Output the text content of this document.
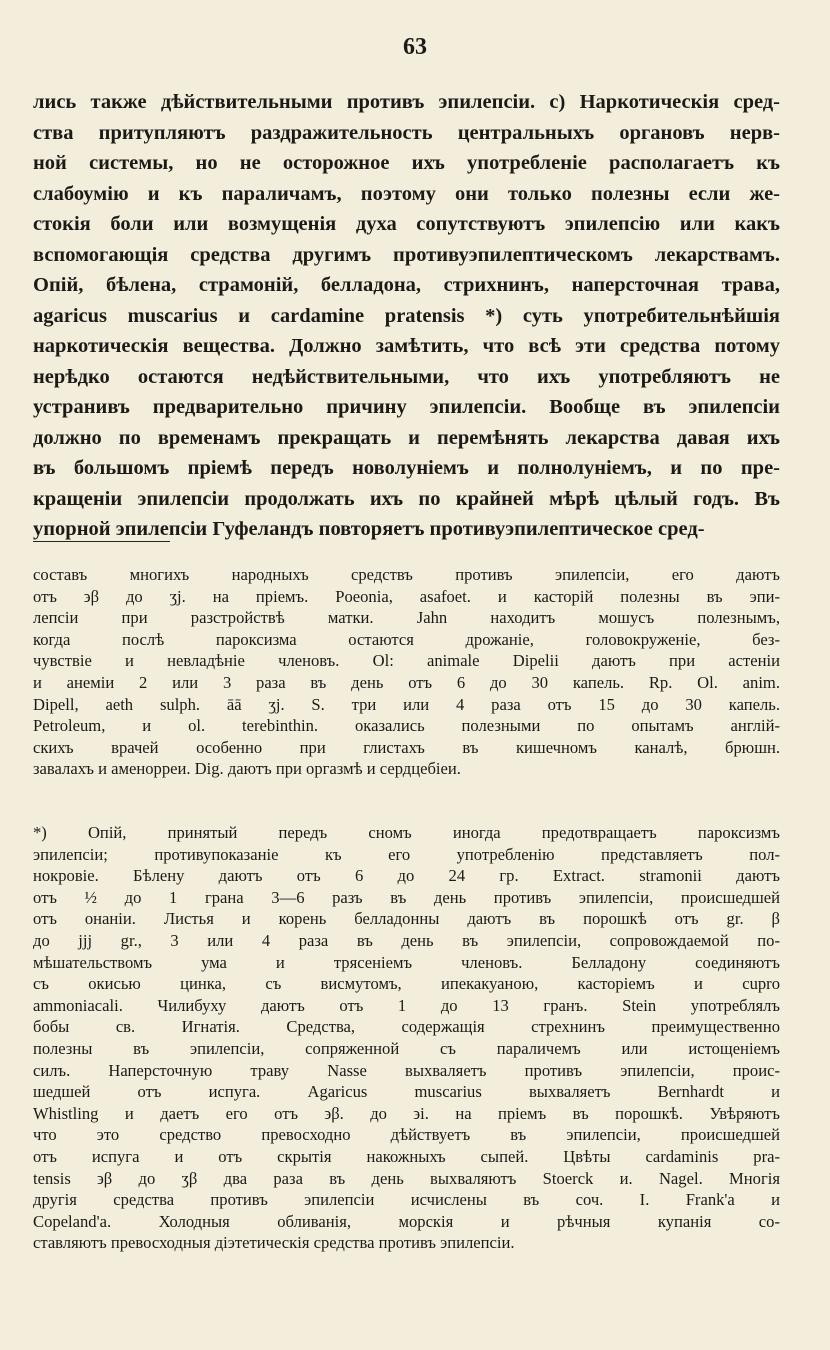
63
лись также дѣйствительными противъ эпилепсіи. c) Наркотическія сред-
ства притупляютъ раздражительность центральныхъ органовъ нерв-
ной системы, но не осторожное ихъ употребленіе располагаетъ къ
слабоумію и къ параличамъ, поэтому они только полезны если же-
стокія боли или возмущенія духа сопутствуютъ эпилепсію или какъ
вспомогающія средства другимъ противуэпилептическомъ лекарствамъ.
Опій, бѣлена, страмоній, белладона, стрихнинъ, наперсточная трава,
agaricus muscarius и cardamine pratensis *) суть употребительнѣйшія
наркотическія вещества. Должно замѣтить, что всѣ эти средства потому
нерѣдко остаются недѣйствительными, что ихъ употребляютъ не
устранивъ предварительно причину эпилепсіи. Вообще въ эпилепсіи
должно по временамъ прекращать и перемѣнять лекарства давая ихъ
въ большомъ пріемѣ передъ новолуніемъ и полнолуніемъ, и по пре-
кращеніи эпилепсіи продолжать ихъ по крайней мѣрѣ цѣлый годъ. Въ
упорной эпилепсіи Гуфеландъ повторяетъ противуэпилептическое сред-
составъ многихъ народныхъ средствъ противъ эпилепсіи, его даютъ
отъ ϶β до ʒj. на пріемъ. Poeonia, asafoet. и касторій полезны въ эпи-
лепсіи при разстройствѣ матки. Jahn находитъ мошусъ полезнымъ,
когда послѣ пароксизма остаются дрожаніе, головокруженіе, без-
чувствіе и невладѣніе членовъ. Ol: animale Dipelii даютъ при астеніи
и анеміи 2 или 3 раза въ день отъ 6 до 30 капель. Rp. Ol. anim.
Dipell, aeth sulph. āā ʒj. S. три или 4 раза отъ 15 до 30 капель.
Petroleum, и ol. terebinthin. оказались полезными по опытамъ англій-
скихъ врачей особенно при глистахъ въ кишечномъ каналѣ, брюшн.
завалахъ и аменорреи. Dig. даютъ при оргазмѣ и сердцебіеи.
*) Опій, принятый передъ сномъ иногда предотвращаетъ пароксизмъ
эпилепсіи; противупоказаніе къ его употребленію представляетъ пол-
нокровіе. Бѣлену даютъ отъ 6 до 24 гр. Extract. stramonii даютъ
отъ ½ до 1 грана 3—6 разъ въ день противъ эпилепсіи, происшедшей
отъ онаніи. Листья и корень белладонны даютъ въ порошкѣ отъ gr. β
до jjj gr., 3 или 4 раза въ день въ эпилепсіи, сопровождаемой по-
мѣшательствомъ ума и трясеніемъ членовъ. Белладону соединяютъ
съ окисью цинка, съ висмутомъ, ипекакуаною, касторіемъ и cupro
ammoniacali. Чилибуху даютъ отъ 1 до 13 гранъ. Stein употреблялъ
бобы св. Игнатія. Средства, содержащія стрехнинъ преимущественно
полезны въ эпилепсіи, сопряженной съ параличемъ или истощеніемъ
силъ. Наперсточную траву Nasse выхваляетъ противъ эпилепсіи, проис-
шедшей отъ испуга. Agaricus muscarius выхваляетъ Bernhardt и
Whistling и даетъ его отъ ϶β. до ϶i. на пріемъ въ порошкѣ. Увѣряютъ
что это средство превосходно дѣйствуетъ въ эпилепсіи, происшедшей
отъ испуга и отъ скрытія накожныхъ сыпей. Цвѣты cardaminis pra-
tensis ϶β до ʒβ два раза въ день выхваляютъ Stoerck и. Nagel. Многія
другія средства противъ эпилепсіи исчислены въ соч. I. Frank'a и
Copeland'a. Холодныя обливанія, морскія и рѣчныя купанія со-
ставляютъ превосходныя діэтетическія средства противъ эпилепсіи.
